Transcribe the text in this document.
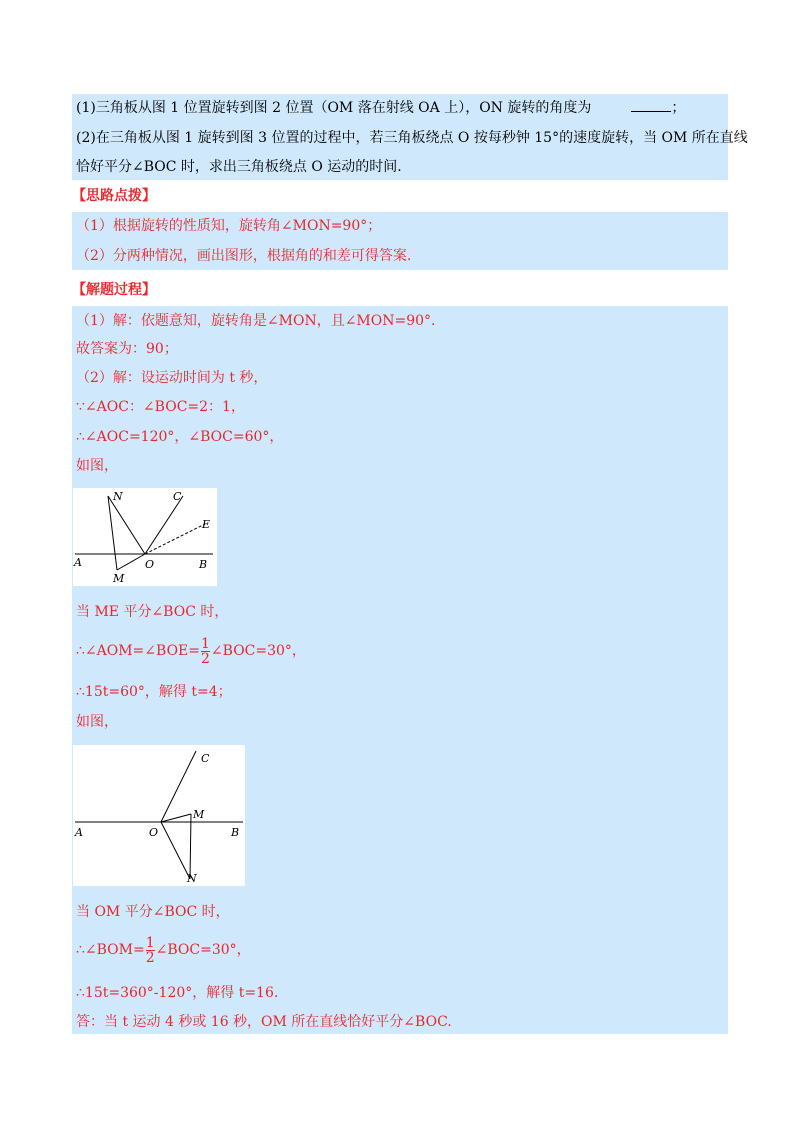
(1)三角板从图 1 位置旋转到图 2 位置（OM 落在射线 OA 上），ON 旋转的角度为	；
(2)在三角板从图 1 旋转到图 3 位置的过程中，若三角板绕点 O 按每秒钟 15°的速度旋转，当 OM 所在直线
恰好平分∠BOC 时，求出三角板绕点 O 运动的时间.
【思路点拨】
（1）根据旋转的性质知，旋转角∠MON=90°；
（2）分两种情况，画出图形，根据角的和差可得答案.
【解题过程】
（1）解：依题意知，旋转角是∠MON，且∠MON=90°.
故答案为：90；
（2）解：设运动时间为 t 秒，
∵∠AOC：∠BOC=2：1，
∴∠AOC=120°，∠BOC=60°，
如图，
N	C
E
A	O	B
M
当 ME 平分∠BOC 时，
∴∠AOM=∠BOE= $\frac{1}{2}$ ∠BOC=30°，
∴15t=60°，解得 t=4；
如图，
C
M
A	O	B
N
当 OM 平分∠BOC 时，
∴∠BOM= $\frac{1}{2}$ ∠BOC=30°，
∴15t=360°-120°，解得 t=16.
答：当 t 运动 4 秒或 16 秒，OM 所在直线恰好平分∠BOC.
